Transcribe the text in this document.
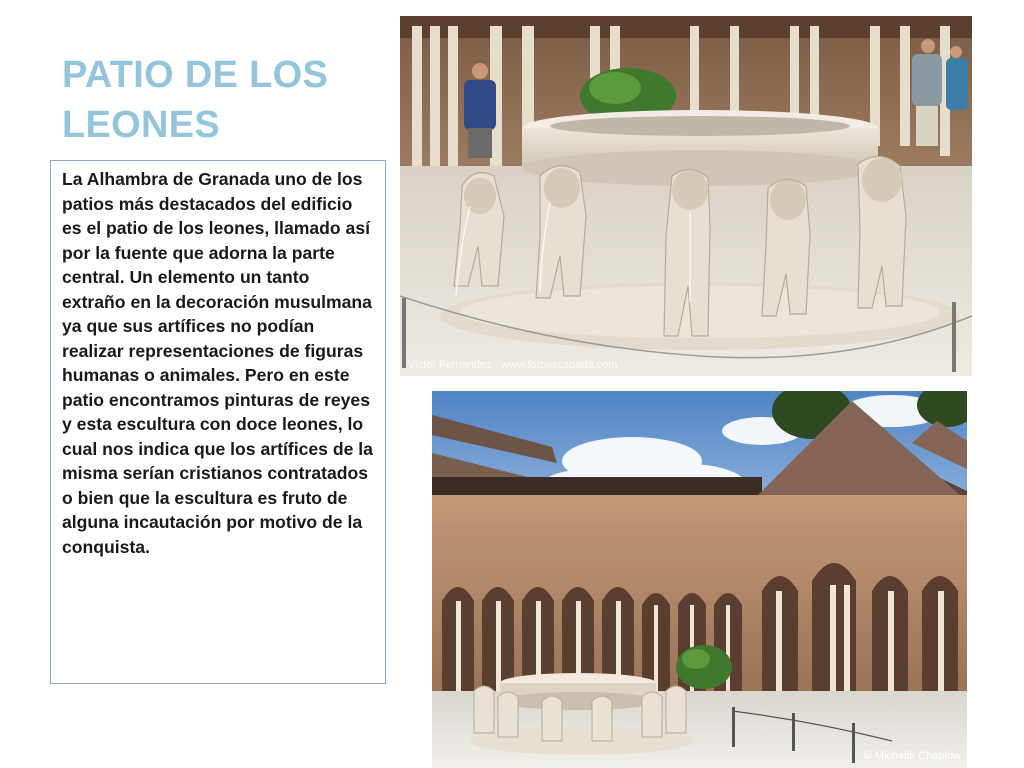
PATIO DE LOS LEONES

La Alhambra de Granada uno de los patios más destacados del edificio es el patio de los leones, llamado así por la fuente que adorna la parte central. Un elemento un tanto extraño en la decoración musulmana ya que sus artífices no podían realizar representaciones de figuras humanas o animales. Pero en este patio encontramos pinturas de reyes y esta escultura con doce leones, lo cual nos indica que los artífices de la misma serían cristianos contratados o bien que la escultura es fruto de alguna incautación por motivo de la conquista.

Victor Fernandez · www.fotoescapada.com
© Michelle Chaplow
